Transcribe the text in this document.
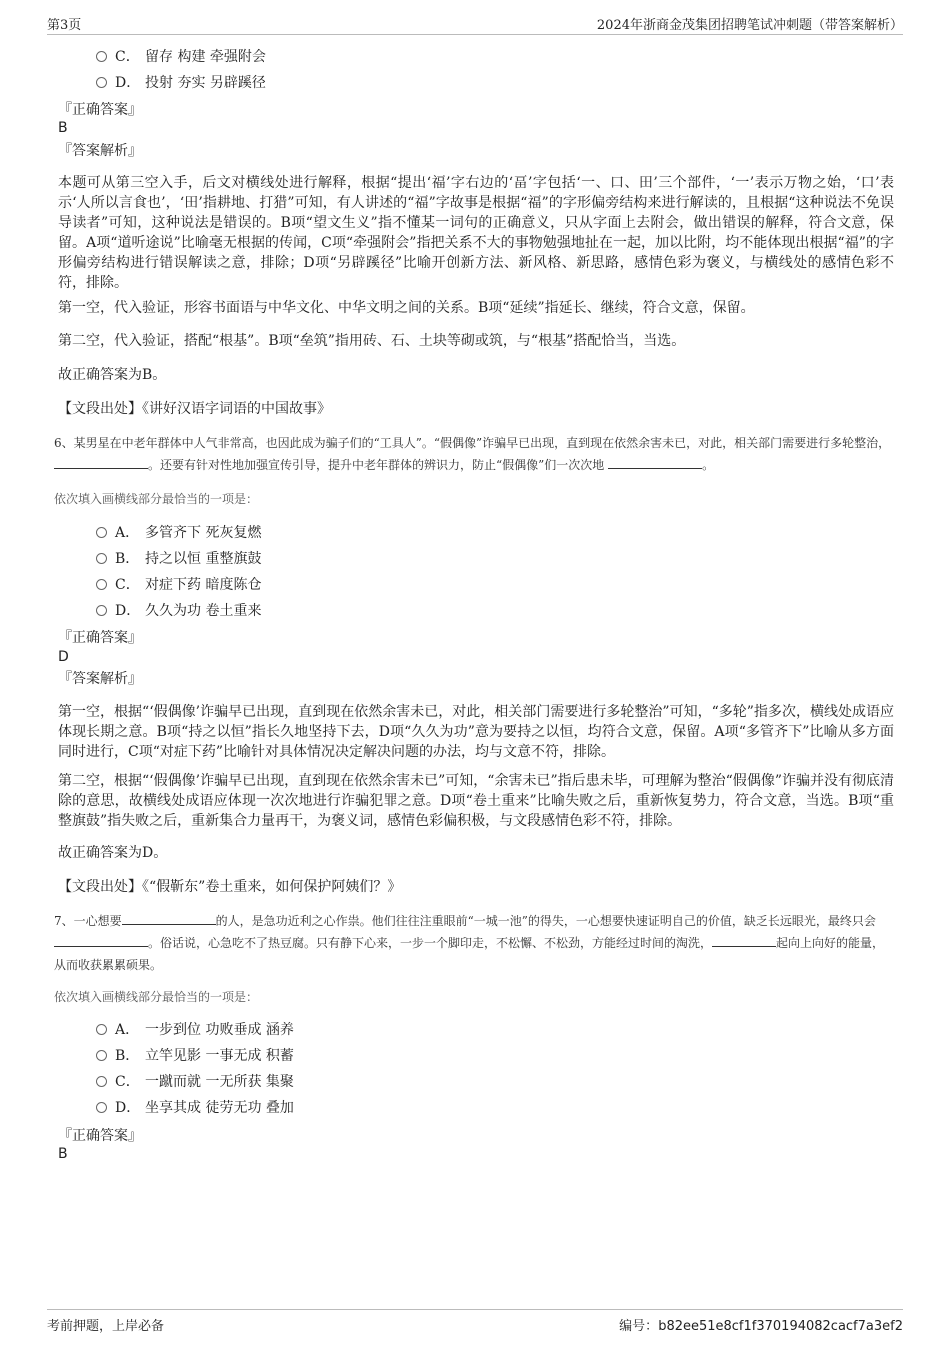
第3页	2024年浙商金茂集团招聘笔试冲刺题（带答案解析）
C． 留存 构建 牵强附会
D． 投射 夯实 另辟蹊径
『正确答案』
B
『答案解析』
本题可从第三空入手，后文对横线处进行解释，根据“提出‘福’字右边的‘畐’字包括‘一、口、田’三个部件，‘一’表示万物之始，‘口’表示‘人所以言食也’，‘田’指耕地、打猎”可知，有人讲述的“福”字故事是根据“福”的字形偏旁结构来进行解读的，且根据“这种说法不免误导读者”可知，这种说法是错误的。B项“望文生义”指不懂某一词句的正确意义，只从字面上去附会，做出错误的解释，符合文意，保留。A项“道听途说”比喻毫无根据的传闻，C项“牵强附会”指把关系不大的事物勉强地扯在一起，加以比附，均不能体现出根据“福”的字形偏旁结构进行错误解读之意，排除；D项“另辟蹊径”比喻开创新方法、新风格、新思路，感情色彩为褒义，与横线处的感情色彩不符，排除。
第一空，代入验证，形容书面语与中华文化、中华文明之间的关系。B项“延续”指延长、继续，符合文意，保留。
第二空，代入验证，搭配“根基”。B项“垒筑”指用砖、石、土块等砌或筑，与“根基”搭配恰当，当选。
故正确答案为B。
【文段出处】《讲好汉语字词语的中国故事》
6、某男星在中老年群体中人气非常高，也因此成为骗子们的“工具人”。“假偶像”诈骗早已出现，直到现在依然余害未已，对此，相关部门需要进行多轮整治， 。还要有针对性地加强宣传引导，提升中老年群体的辨识力，防止“假偶像”们一次次地	。
依次填入画横线部分最恰当的一项是：
A． 多管齐下 死灰复燃
B． 持之以恒 重整旗鼓
C． 对症下药 暗度陈仓
D． 久久为功 卷土重来
『正确答案』
D
『答案解析』
第一空，根据“‘假偶像’诈骗早已出现，直到现在依然余害未已，对此，相关部门需要进行多轮整治”可知，“多轮”指多次，横线处成语应体现长期之意。B项“持之以恒”指长久地坚持下去，D项“久久为功”意为要持之以恒，均符合文意，保留。A项“多管齐下”比喻从多方面同时进行，C项“对症下药”比喻针对具体情况决定解决问题的办法，均与文意不符，排除。
第二空，根据“‘假偶像’诈骗早已出现，直到现在依然余害未已”可知，“余害未已”指后患未毕，可理解为整治“假偶像”诈骗并没有彻底清除的意思，故横线处成语应体现一次次地进行诈骗犯罪之意。D项“卷土重来”比喻失败之后，重新恢复势力，符合文意，当选。B项“重整旗鼓”指失败之后，重新集合力量再干，为褒义词，感情色彩偏积极，与文段感情色彩不符，排除。
故正确答案为D。
【文段出处】《“假靳东”卷土重来，如何保护阿姨们？》
7、一心想要	的人，是急功近利之心作祟。他们往往注重眼前“一城一池”的得失，一心想要快速证明自己的价值，缺乏长远眼光，最终只会。俗话说，心急吃不了热豆腐。只有静下心来，一步一个脚印走，不松懈、不松劲，方能经过时间的淘洗，	起向上向好的能量，从而收获累累硕果。
依次填入画横线部分最恰当的一项是：
A． 一步到位 功败垂成 涵养
B． 立竿见影 一事无成 积蓄
C． 一蹴而就 一无所获 集聚
D． 坐享其成 徒劳无功 叠加
『正确答案』
B
考前押题，上岸必备	编号：b82ee51e8cf1f370194082cacf7a3ef2
